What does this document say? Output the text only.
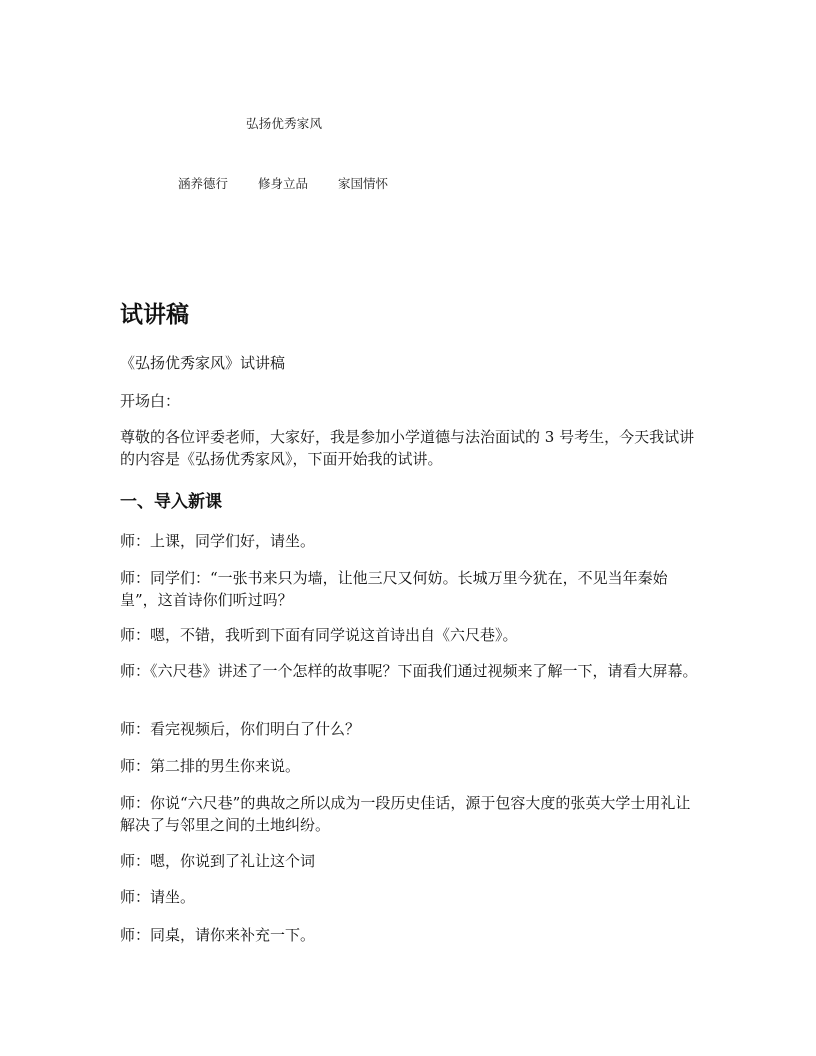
弘扬优秀家风
涵养德行 修身立品 家国情怀
试讲稿

《弘扬优秀家风》试讲稿

开场白：

尊敬的各位评委老师，大家好，我是参加小学道德与法治面试的 3 号考生，今天我试讲的内容是《弘扬优秀家风》，下面开始我的试讲。

一、导入新课

师：上课，同学们好，请坐。

师：同学们：“一张书来只为墙，让他三尺又何妨。长城万里今犹在，不见当年秦始皇”，这首诗你们听过吗？

师：嗯，不错，我听到下面有同学说这首诗出自《六尺巷》。

师：《六尺巷》讲述了一个怎样的故事呢？下面我们通过视频来了解一下，请看大屏幕。

师：看完视频后，你们明白了什么？

师：第二排的男生你来说。

师：你说“六尺巷”的典故之所以成为一段历史佳话，源于包容大度的张英大学士用礼让解决了与邻里之间的土地纠纷。

师：嗯，你说到了礼让这个词

师：请坐。

师：同桌，请你来补充一下。
